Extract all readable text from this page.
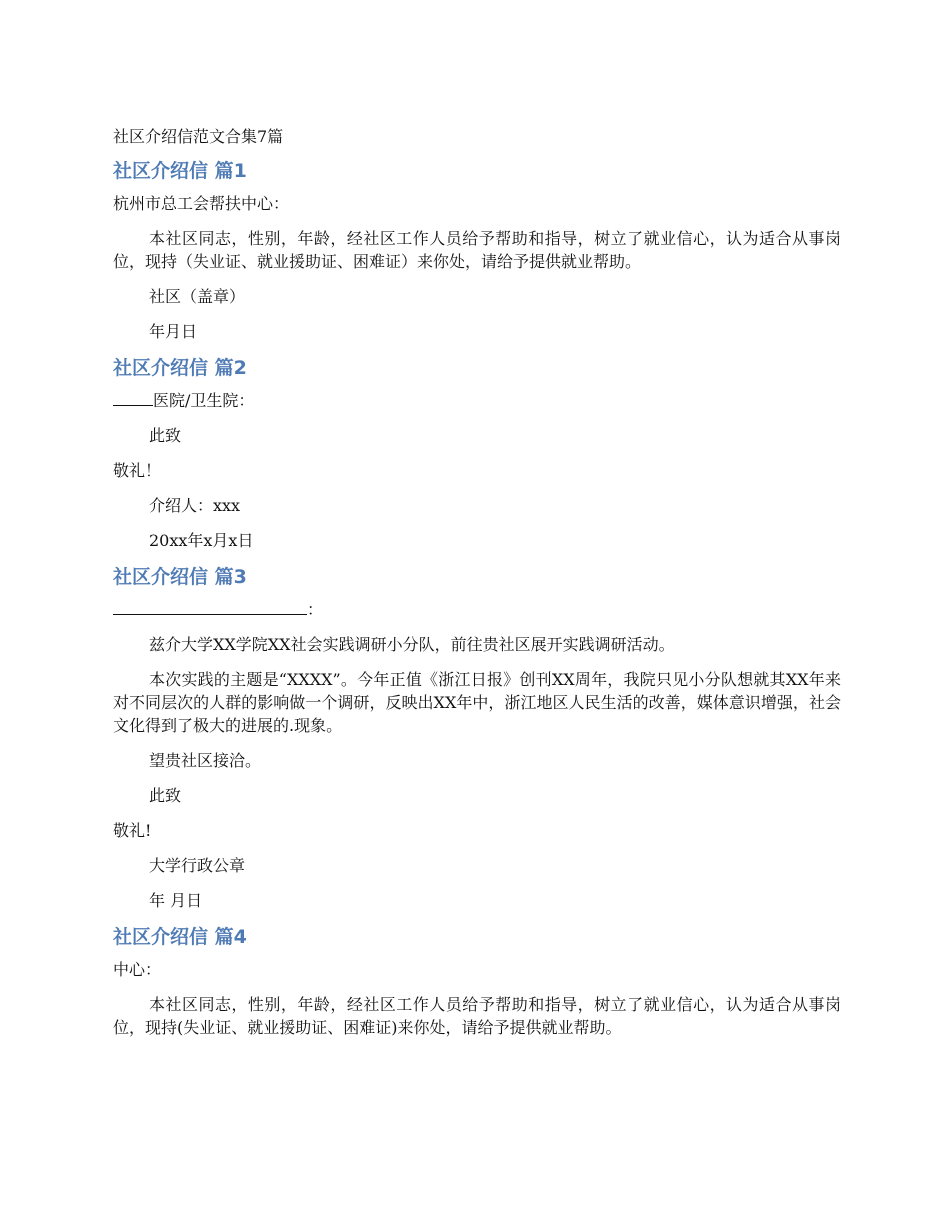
社区介绍信范文合集7篇
社区介绍信 篇1
杭州市总工会帮扶中心：
本社区同志，性别，年龄，经社区工作人员给予帮助和指导，树立了就业信心，认为适合从事岗位，现持（失业证、就业援助证、困难证）来你处，请给予提供就业帮助。
社区（盖章）
年月日
社区介绍信 篇2
医院/卫生院：
此致
敬礼！
介绍人：xxx
20xx年x月x日
社区介绍信 篇3
：
兹介大学XX学院XX社会实践调研小分队，前往贵社区展开实践调研活动。
本次实践的主题是“XXXX”。今年正值《浙江日报》创刊XX周年，我院只见小分队想就其XX年来对不同层次的人群的影响做一个调研，反映出XX年中，浙江地区人民生活的改善，媒体意识增强，社会文化得到了极大的进展的.现象。
望贵社区接洽。
此致
敬礼!
大学行政公章
年 月日
社区介绍信 篇4
中心：
本社区同志，性别，年龄，经社区工作人员给予帮助和指导，树立了就业信心，认为适合从事岗位，现持(失业证、就业援助证、困难证)来你处，请给予提供就业帮助。
